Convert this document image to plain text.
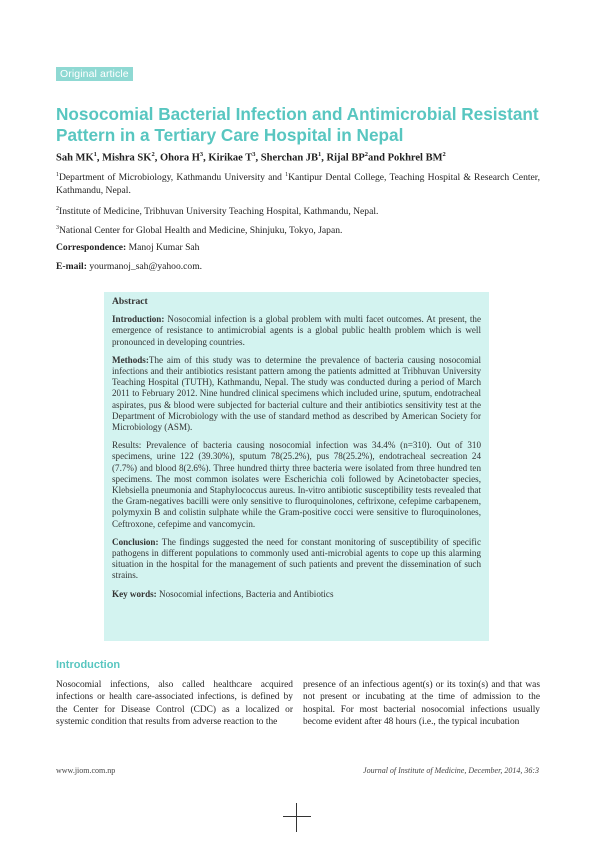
Original article
Nosocomial Bacterial Infection and Antimicrobial Resistant Pattern in a Tertiary Care Hospital in Nepal

Sah $MK^1$, Mishra $SK^2$, Ohora $H^3$, Kirikae $T^3$, Sherchan $JB^1$, Rijal $BP^2and$ Pokhrel $BM^2$

$^1$Department of Microbiology, Kathmandu University and $^1$Kantipur Dental College, Teaching Hospital & Research Center, Kathmandu, Nepal.

$^2$Institute of Medicine, Tribhuvan University Teaching Hospital, Kathmandu, Nepal.

$^3$National Center for Global Health and Medicine, Shinjuku, Tokyo, Japan.

Correspondence: Manoj Kumar Sah

E-mail: yourmanoj_sah@yahoo.com.

Abstract

Introduction: Nosocomial infection is a global problem with multi facet outcomes. At present, the emergence of resistance to antimicrobial agents is a global public health problem which is well pronounced in developing countries.

Methods:The aim of this study was to determine the prevalence of bacteria causing nosocomial infections and their antibiotics resistant pattern among the patients admitted at Tribhuvan University Teaching Hospital (TUTH), Kathmandu, Nepal. The study was conducted during a period of March 2011 to February 2012. Nine hundred clinical specimens which included urine, sputum, endotracheal aspirates, pus & blood were subjected for bacterial culture and their antibiotics sensitivity test at the Department of Microbiology with the use of standard method as described by American Society for Microbiology (ASM).

Results: Prevalence of bacteria causing nosocomial infection was 34.4% (n=310). Out of 310 specimens, urine 122 (39.30%), sputum 78(25.2%), pus 78(25.2%), endotracheal secreation 24 (7.7%) and blood 8(2.6%). Three hundred thirty three bacteria were isolated from three hundred ten specimens. The most common isolates were Escherichia coli followed by Acinetobacter species, Klebsiella pneumonia and Staphylococcus aureus. In-vitro antibiotic susceptibility tests revealed that the Gram-negatives bacilli were only sensitive to fluroquinolones, ceftrixone, cefepime carbapenem, polymyxin B and colistin sulphate while the Gram-positive cocci were sensitive to fluroquinolones, Ceftroxone, cefepime and vancomycin.

Conclusion: The findings suggested the need for constant monitoring of susceptibility of specific pathogens in different populations to commonly used anti-microbial agents to cope up this alarming situation in the hospital for the management of such patients and prevent the dissemination of such strains.

Key words: Nosocomial infections, Bacteria and Antibiotics

Introduction

Nosocomial infections, also called healthcare acquired infections or health care-associated infections, is defined by the Center for Disease Control (CDC) as a localized or systemic condition that results from adverse reaction to the

presence of an infectious agent(s) or its toxin(s) and that was not present or incubating at the time of admission to the hospital. For most bacterial nosocomial infections usually become evident after 48 hours (i.e., the typical incubation

www.jiom.com.np	Journal of Institute of Medicine, December, 2014, 36:3
